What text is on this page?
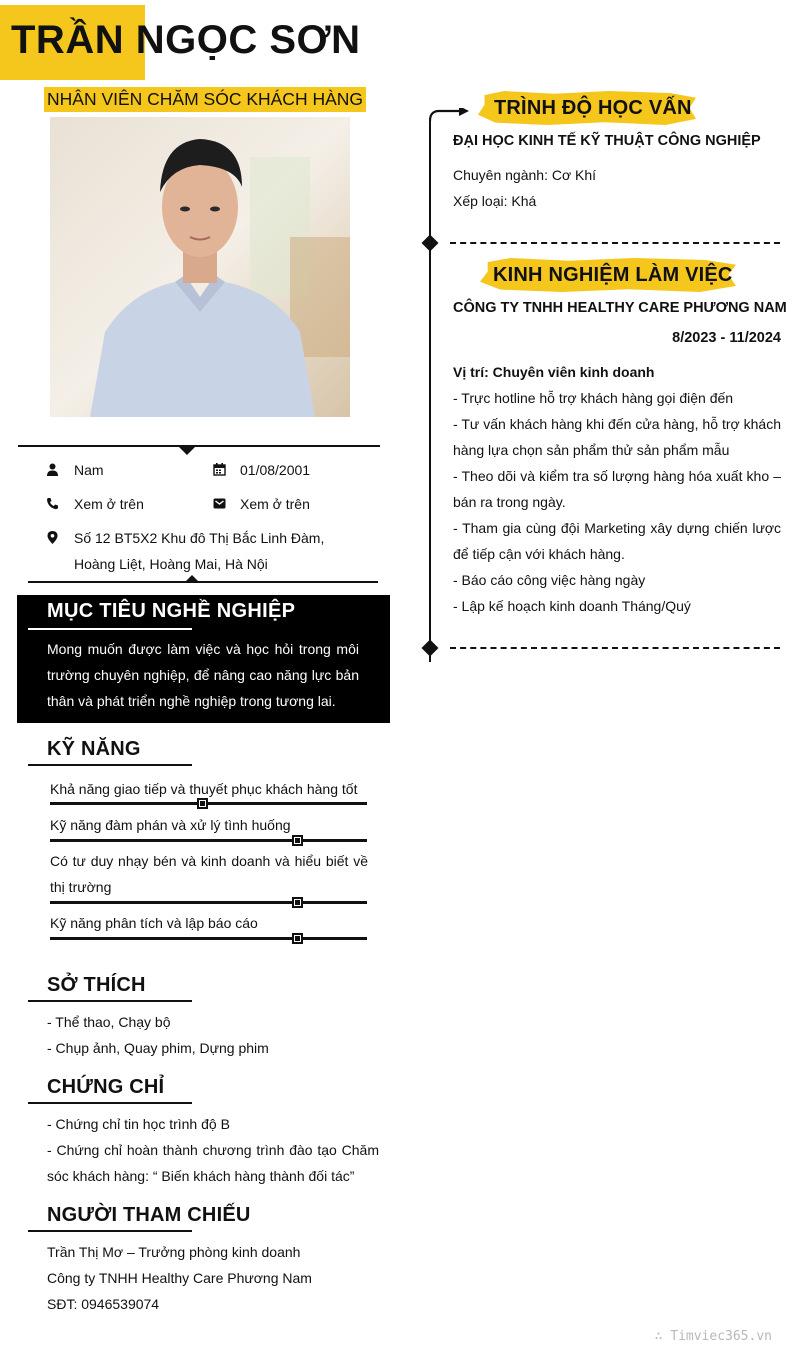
TRẦN NGỌC SƠN
NHÂN VIÊN CHĂM SÓC KHÁCH HÀNG
Nam	01/08/2001
Xem ở trên	Xem ở trên
Số 12 BT5X2 Khu đô Thị Bắc Linh Đàm,
Hoàng Liệt, Hoàng Mai, Hà Nội
MỤC TIÊU NGHỀ NGHIỆP
Mong muốn được làm việc và học hỏi trong môi trường chuyên nghiệp, để nâng cao năng lực bản thân và phát triển nghề nghiệp trong tương lai.
KỸ NĂNG
Khả năng giao tiếp và thuyết phục khách hàng tốt
Kỹ năng đàm phán và xử lý tình huống
Có tư duy nhạy bén và kinh doanh và hiểu biết về thị trường
Kỹ năng phân tích và lập báo cáo
SỞ THÍCH
- Thể thao, Chạy bộ
- Chụp ảnh, Quay phim, Dựng phim
CHỨNG CHỈ
- Chứng chỉ tin học trình độ B
- Chứng chỉ hoàn thành chương trình đào tạo Chăm sóc khách hàng: “ Biến khách hàng thành đối tác”
NGƯỜI THAM CHIẾU
Trần Thị Mơ – Trưởng phòng kinh doanh
Công ty TNHH Healthy Care Phương Nam
SĐT: 0946539074
TRÌNH ĐỘ HỌC VẤN
ĐẠI HỌC KINH TẾ KỸ THUẬT CÔNG NGHIỆP
Chuyên ngành: Cơ Khí
Xếp loại: Khá
KINH NGHIỆM LÀM VIỆC
CÔNG TY TNHH HEALTHY CARE PHƯƠNG NAM
8/2023 - 11/2024
Vị trí: Chuyên viên kinh doanh
- Trực hotline hỗ trợ khách hàng gọi điện đến
- Tư vấn khách hàng khi đến cửa hàng, hỗ trợ khách hàng lựa chọn sản phẩm thử sản phẩm mẫu
- Theo dõi và kiểm tra số lượng hàng hóa xuất kho – bán ra trong ngày.
- Tham gia cùng đội Marketing xây dựng chiến lược để tiếp cận với khách hàng.
- Báo cáo công việc hàng ngày
- Lập kế hoạch kinh doanh Tháng/Quý
∴ Timviec365.vn
